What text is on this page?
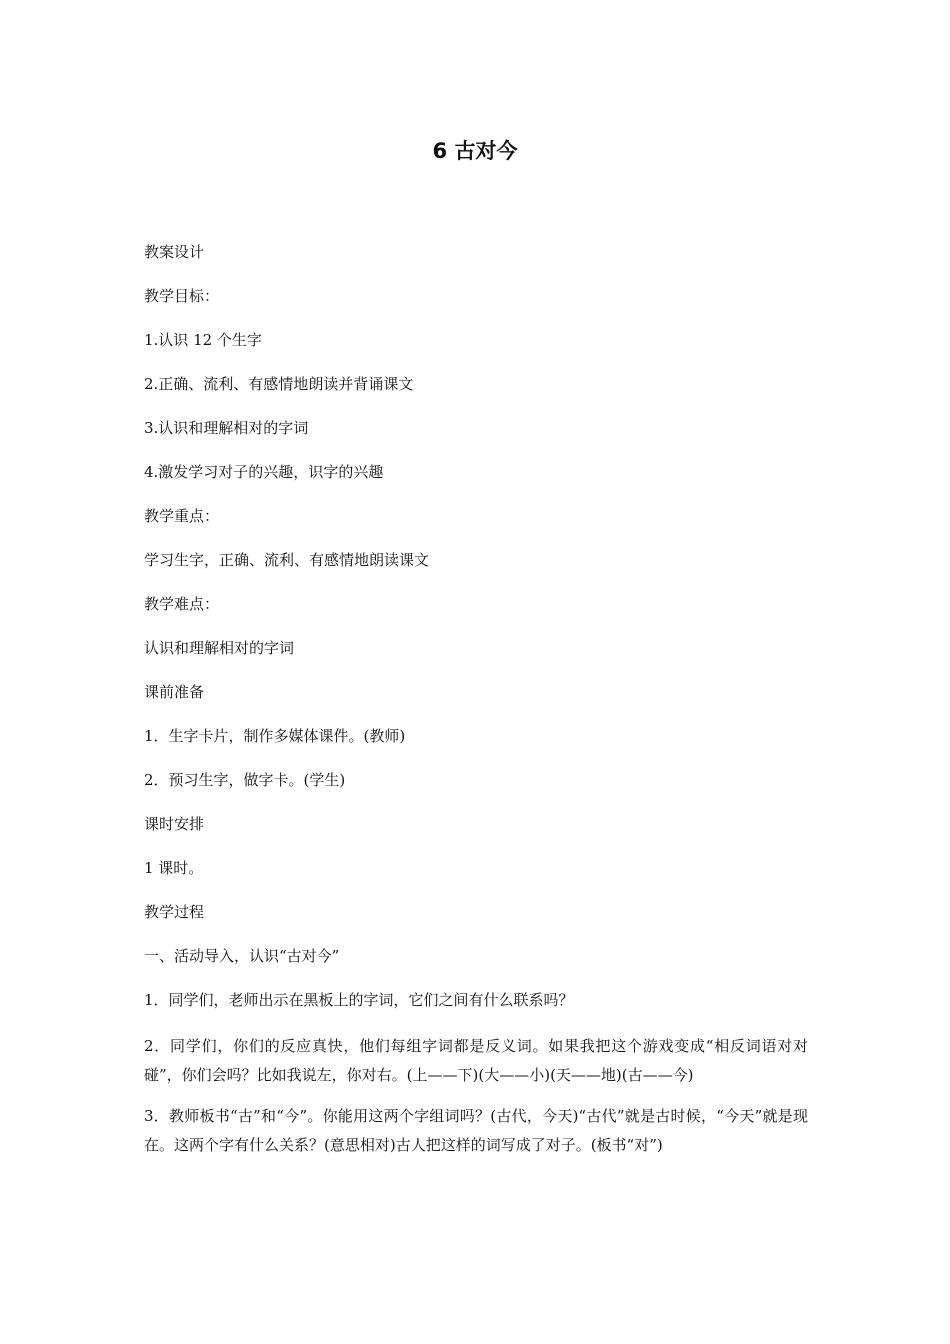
6 古对今

教案设计

教学目标：

1.认识 12 个生字

2.正确、流利、有感情地朗读并背诵课文

3.认识和理解相对的字词

4.激发学习对子的兴趣，识字的兴趣

教学重点：

学习生字，正确、流利、有感情地朗读课文

教学难点：

认识和理解相对的字词

课前准备

1．生字卡片，制作多媒体课件。(教师)

2．预习生字，做字卡。(学生)

课时安排

1 课时。

教学过程

一、活动导入，认识“古对今”

1．同学们，老师出示在黑板上的字词，它们之间有什么联系吗？

2．同学们，你们的反应真快，他们每组字词都是反义词。如果我把这个游戏变成“相反词语对对碰”，你们会吗？比如我说左，你对右。(上——下)(大——小)(天——地)(古——今)

3．教师板书“古”和“今”。你能用这两个字组词吗？(古代，今天)“古代”就是古时候，“今天”就是现在。这两个字有什么关系？(意思相对)古人把这样的词写成了对子。(板书“对”)
